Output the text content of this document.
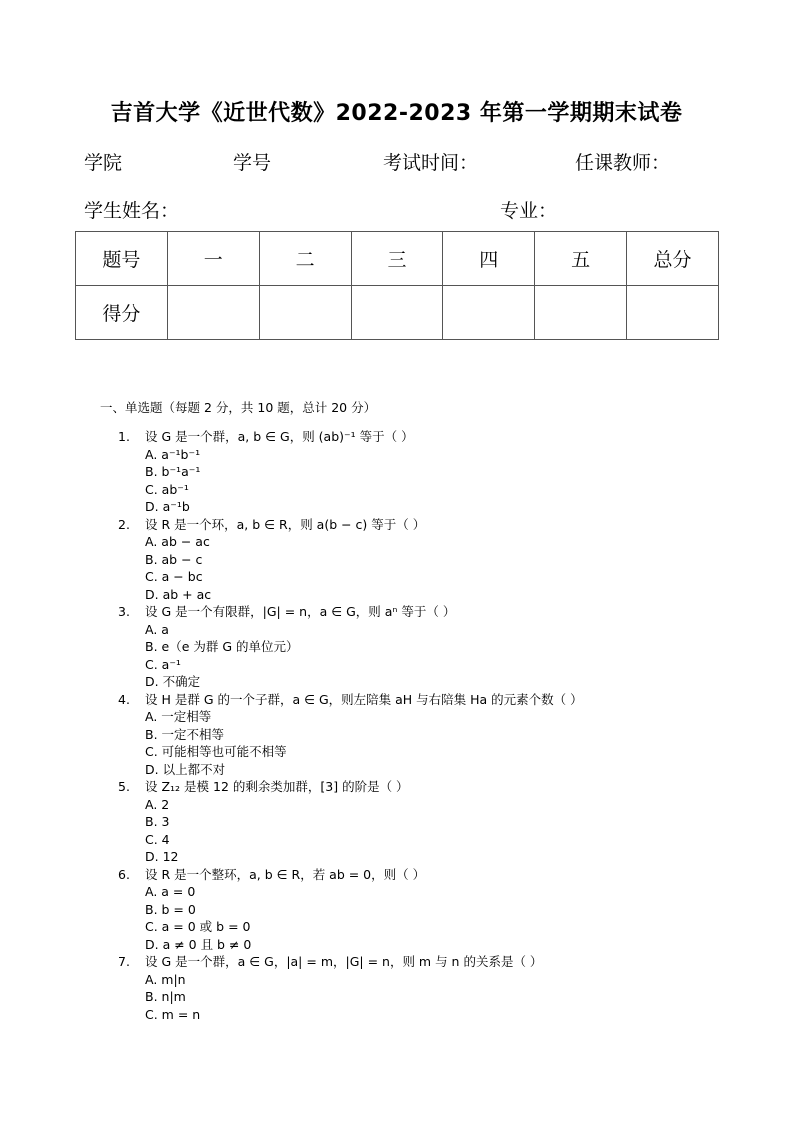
吉首大学《近世代数》2022-2023 年第一学期期末试卷
学院	学号	考试时间：	任课教师：
学生姓名：	专业：
题号	一	二	三	四	五	总分
得分						
一、单选题（每题 2 分，共 10 题，总计 20 分）
1. 设 G 是一个群，a, b ∈ G，则 (ab)⁻¹ 等于（ ）
A. a⁻¹b⁻¹
B. b⁻¹a⁻¹
C. ab⁻¹
D. a⁻¹b
2. 设 R 是一个环，a, b ∈ R，则 a(b − c) 等于（ ）
A. ab − ac
B. ab − c
C. a − bc
D. ab + ac
3. 设 G 是一个有限群，|G| = n，a ∈ G，则 aⁿ 等于（ ）
A. a
B. e（e 为群 G 的单位元）
C. a⁻¹
D. 不确定
4. 设 H 是群 G 的一个子群，a ∈ G，则左陪集 aH 与右陪集 Ha 的元素个数（ ）
A. 一定相等
B. 一定不相等
C. 可能相等也可能不相等
D. 以上都不对
5. 设 Z₁₂ 是模 12 的剩余类加群，[3] 的阶是（ ）
A. 2
B. 3
C. 4
D. 12
6. 设 R 是一个整环，a, b ∈ R，若 ab = 0，则（ ）
A. a = 0
B. b = 0
C. a = 0 或 b = 0
D. a ≠ 0 且 b ≠ 0
7. 设 G 是一个群，a ∈ G，|a| = m，|G| = n，则 m 与 n 的关系是（ ）
A. m|n
B. n|m
C. m = n
